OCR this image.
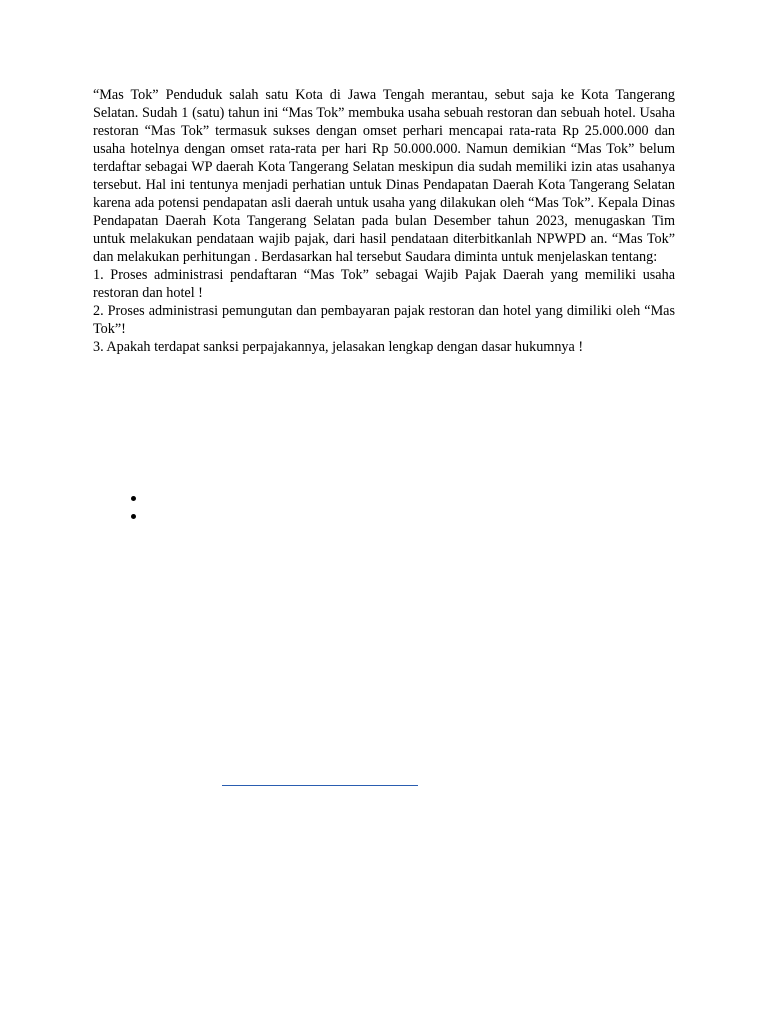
“Mas Tok” Penduduk salah satu Kota di Jawa Tengah merantau, sebut saja ke Kota Tangerang Selatan. Sudah 1 (satu) tahun ini “Mas Tok” membuka usaha sebuah restoran dan sebuah hotel. Usaha restoran “Mas Tok” termasuk sukses dengan omset perhari mencapai rata-rata Rp 25.000.000 dan usaha hotelnya dengan omset rata-rata per hari Rp 50.000.000. Namun demikian “Mas Tok” belum terdaftar sebagai WP daerah Kota Tangerang Selatan meskipun dia sudah memiliki izin atas usahanya tersebut. Hal ini tentunya menjadi perhatian untuk Dinas Pendapatan Daerah Kota Tangerang Selatan karena ada potensi pendapatan asli daerah untuk usaha yang dilakukan oleh “Mas Tok”. Kepala Dinas Pendapatan Daerah Kota Tangerang Selatan pada bulan Desember tahun 2023, menugaskan Tim untuk melakukan pendataan wajib pajak, dari hasil pendataan diterbitkanlah NPWPD an. “Mas Tok” dan melakukan perhitungan . Berdasarkan hal tersebut Saudara diminta untuk menjelaskan tentang:

1. Proses administrasi pendaftaran “Mas Tok” sebagai Wajib Pajak Daerah yang memiliki usaha restoran dan hotel !

2. Proses administrasi pemungutan dan pembayaran pajak restoran dan hotel yang dimiliki oleh “Mas Tok”!

3. Apakah terdapat sanksi perpajakannya, jelasakan lengkap dengan dasar hukumnya !
